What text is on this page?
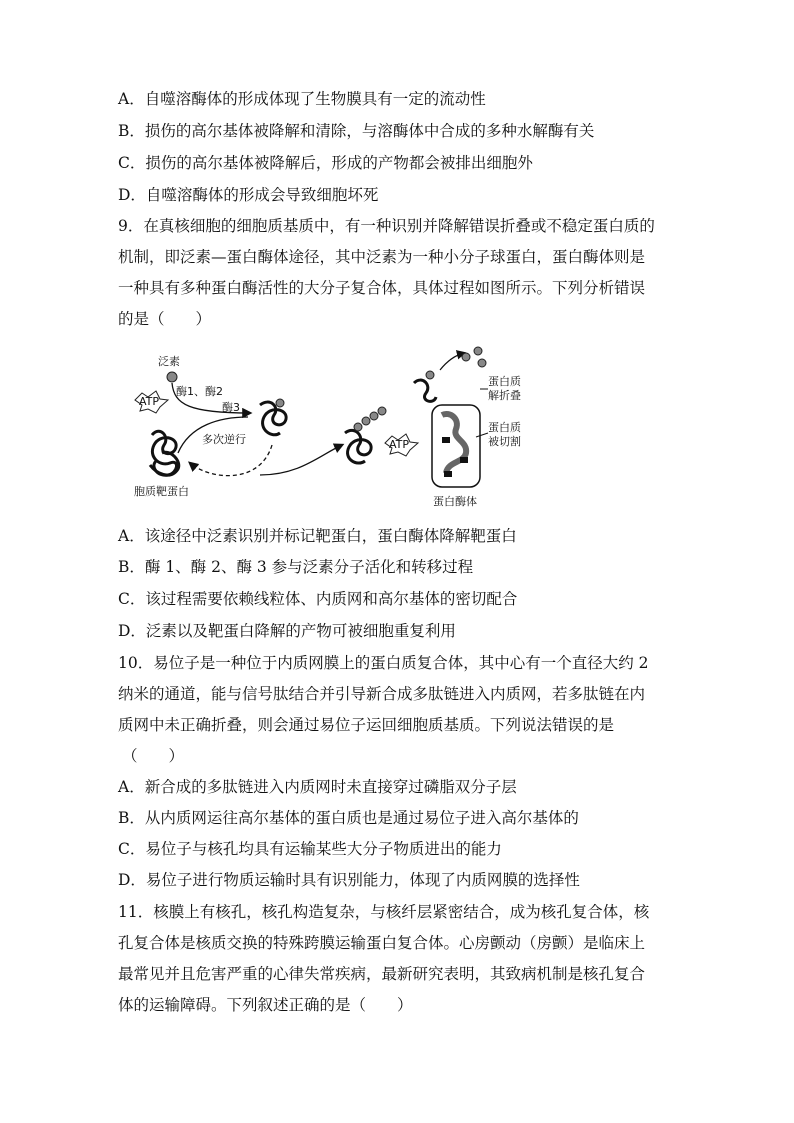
A．自噬溶酶体的形成体现了生物膜具有一定的流动性
B．损伤的高尔基体被降解和清除，与溶酶体中合成的多种水解酶有关
C．损伤的高尔基体被降解后，形成的产物都会被排出细胞外
D．自噬溶酶体的形成会导致细胞坏死
9．在真核细胞的细胞质基质中，有一种识别并降解错误折叠或不稳定蛋白质的
机制，即泛素—蛋白酶体途径，其中泛素为一种小分子球蛋白，蛋白酶体则是
一种具有多种蛋白酶活性的大分子复合体，具体过程如图所示。下列分析错误
的是（　　）
泛素
ATP
酶1、酶2
酶3
胞质靶蛋白
多次逆行	ATP
蛋白酶体
蛋白质
解折叠
蛋白质
被切割
A．该途径中泛素识别并标记靶蛋白，蛋白酶体降解靶蛋白
B．酶 1、酶 2、酶 3 参与泛素分子活化和转移过程
C．该过程需要依赖线粒体、内质网和高尔基体的密切配合
D．泛素以及靶蛋白降解的产物可被细胞重复利用
10．易位子是一种位于内质网膜上的蛋白质复合体，其中心有一个直径大约 2
纳米的通道，能与信号肽结合并引导新合成多肽链进入内质网，若多肽链在内
质网中未正确折叠，则会通过易位子运回细胞质基质。下列说法错误的是
（　　）
A．新合成的多肽链进入内质网时未直接穿过磷脂双分子层
B．从内质网运往高尔基体的蛋白质也是通过易位子进入高尔基体的
C．易位子与核孔均具有运输某些大分子物质进出的能力
D．易位子进行物质运输时具有识别能力，体现了内质网膜的选择性
11．核膜上有核孔，核孔构造复杂，与核纤层紧密结合，成为核孔复合体，核
孔复合体是核质交换的特殊跨膜运输蛋白复合体。心房颤动（房颤）是临床上
最常见并且危害严重的心律失常疾病，最新研究表明，其致病机制是核孔复合
体的运输障碍。下列叙述正确的是（　　）
